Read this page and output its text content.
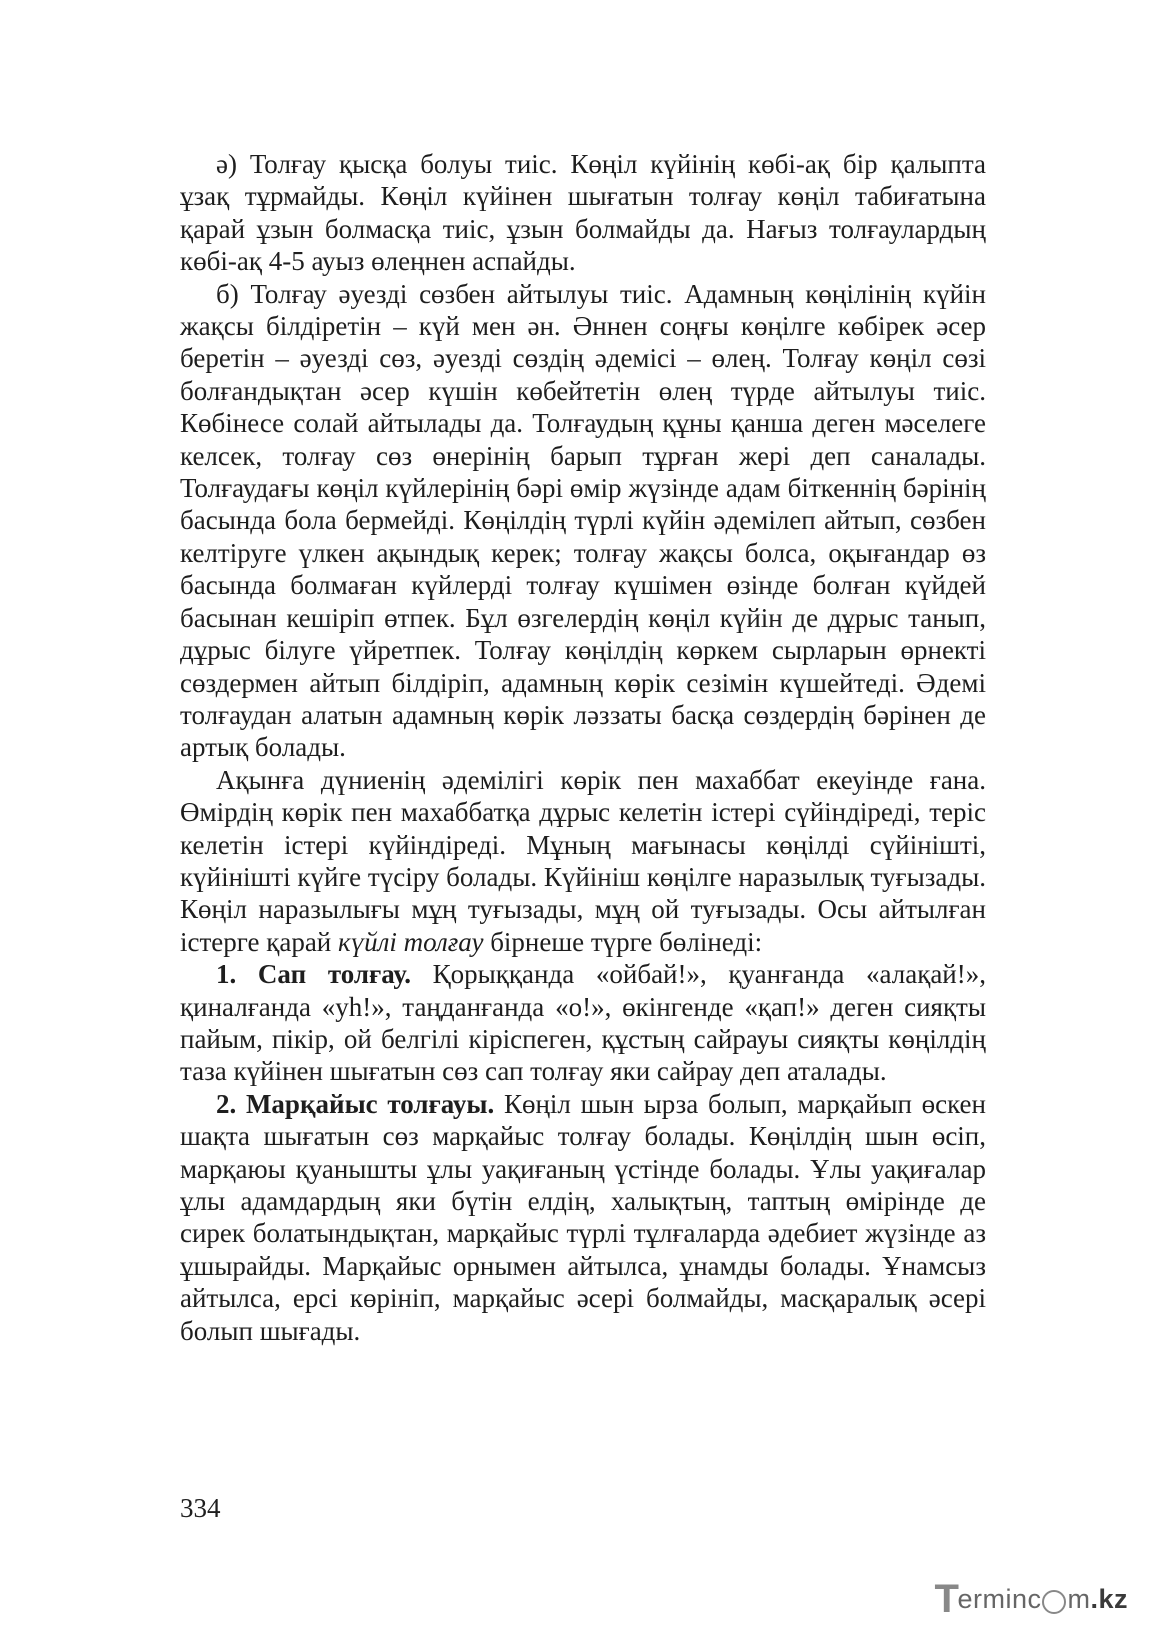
ә) Толғау қысқа болуы тиіс. Көңіл күйінің көбі-ақ бір қалыпта ұзақ тұрмайды. Көңіл күйінен шығатын толғау көңіл табиғатына қарай ұзын болмасқа тиіс, ұзын болмайды да. Нағыз толғаулардың көбі-ақ 4-5 ауыз өлеңнен аспайды.

б) Толғау әуезді сөзбен айтылуы тиіс. Адамның көңілінің күйін жақсы білдіретін – күй мен ән. Әннен соңғы көңілге көбірек әсер беретін – әуезді сөз, әуезді сөздің әдемісі – өлең. Толғау көңіл сөзі болғандықтан әсер күшін көбейтетін өлең түрде айтылуы тиіс. Көбінесе солай айтылады да. Толғаудың құны қанша деген мәселеге келсек, толғау сөз өнерінің барып тұрған жері деп саналады. Толғаудағы көңіл күйлерінің бәрі өмір жүзінде адам біткеннің бәрінің басында бола бермейді. Көңілдің түрлі күйін әдемілеп айтып, сөзбен келтіруге үлкен ақындық керек; толғау жақсы болса, оқығандар өз басында болмаған күйлерді толғау күшімен өзінде болған күйдей басынан кешіріп өтпек. Бұл өзгелердің көңіл күйін де дұрыс танып, дұрыс білуге үйретпек. Толғау көңілдің көркем сырларын өрнекті сөздермен айтып білдіріп, адамның көрік сезімін күшейтеді. Әдемі толғаудан алатын адамның көрік ләззаты басқа сөздердің бәрінен де артық болады.

Ақынға дүниенің әдемілігі көрік пен махаббат екеуінде ғана. Өмірдің көрік пен махаббатқа дұрыс келетін істері сүйіндіреді, теріс келетін істері күйіндіреді. Мұның мағынасы көңілді сүйінішті, күйінішті күйге түсіру болады. Күйініш көңілге наразылық туғызады. Көңіл наразылығы мұң туғызады, мұң ой туғызады. Осы айтылған істерге қарай күйлі толғау бірнеше түрге бөлінеді:

1. Сап толғау. Қорыққанда «ойбай!», қуанғанда «алақай!», қиналғанда «уһ!», таңданғанда «о!», өкінгенде «қап!» деген сияқты пайым, пікір, ой белгілі кіріспеген, құстың сайрауы сияқты көңілдің таза күйінен шығатын сөз сап толғау яки сайрау деп аталады.

2. Марқайыс толғауы. Көңіл шын ырза болып, марқайып өскен шақта шығатын сөз марқайыс толғау болады. Көңілдің шын өсіп, марқаюы қуанышты ұлы уақиғаның үстінде болады. Ұлы уақиғалар ұлы адамдардың яки бүтін елдің, халықтың, таптың өмірінде де сирек болатындықтан, марқайыс түрлі тұлғаларда әдебиет жүзінде аз ұшырайды. Марқайыс орнымен айтылса, ұнамды болады. Ұнамсыз айтылса, ерсі көрініп, марқайыс әсері болмайды, масқаралық әсері болып шығады.

334
T
erminc m .kz
